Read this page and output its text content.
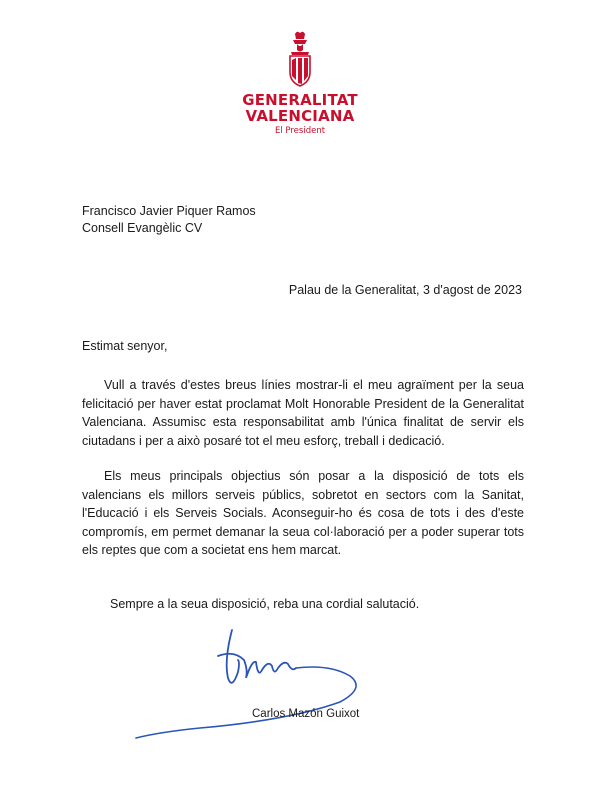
GENERALITAT
VALENCIANA
El President
Francisco Javier Piquer Ramos
Consell Evangèlic CV
Palau de la Generalitat, 3 d'agost de 2023
Estimat senyor,

Vull a través d'estes breus línies mostrar-li el meu agraïment per la seua felicitació per haver estat proclamat Molt Honorable President de la Generalitat Valenciana. Assumisc esta responsabilitat amb l'única finalitat de servir els ciutadans i per a això posaré tot el meu esforç, treball i dedicació.

Els meus principals objectius són posar a la disposició de tots els valencians els millors serveis públics, sobretot en sectors com la Sanitat, l'Educació i els Serveis Socials. Aconseguir-ho és cosa de tots i des d'este compromís, em permet demanar la seua col·laboració per a poder superar tots els reptes que com a societat ens hem marcat.

Sempre a la seua disposició, reba una cordial salutació.
Carlos Mazón Guixot
